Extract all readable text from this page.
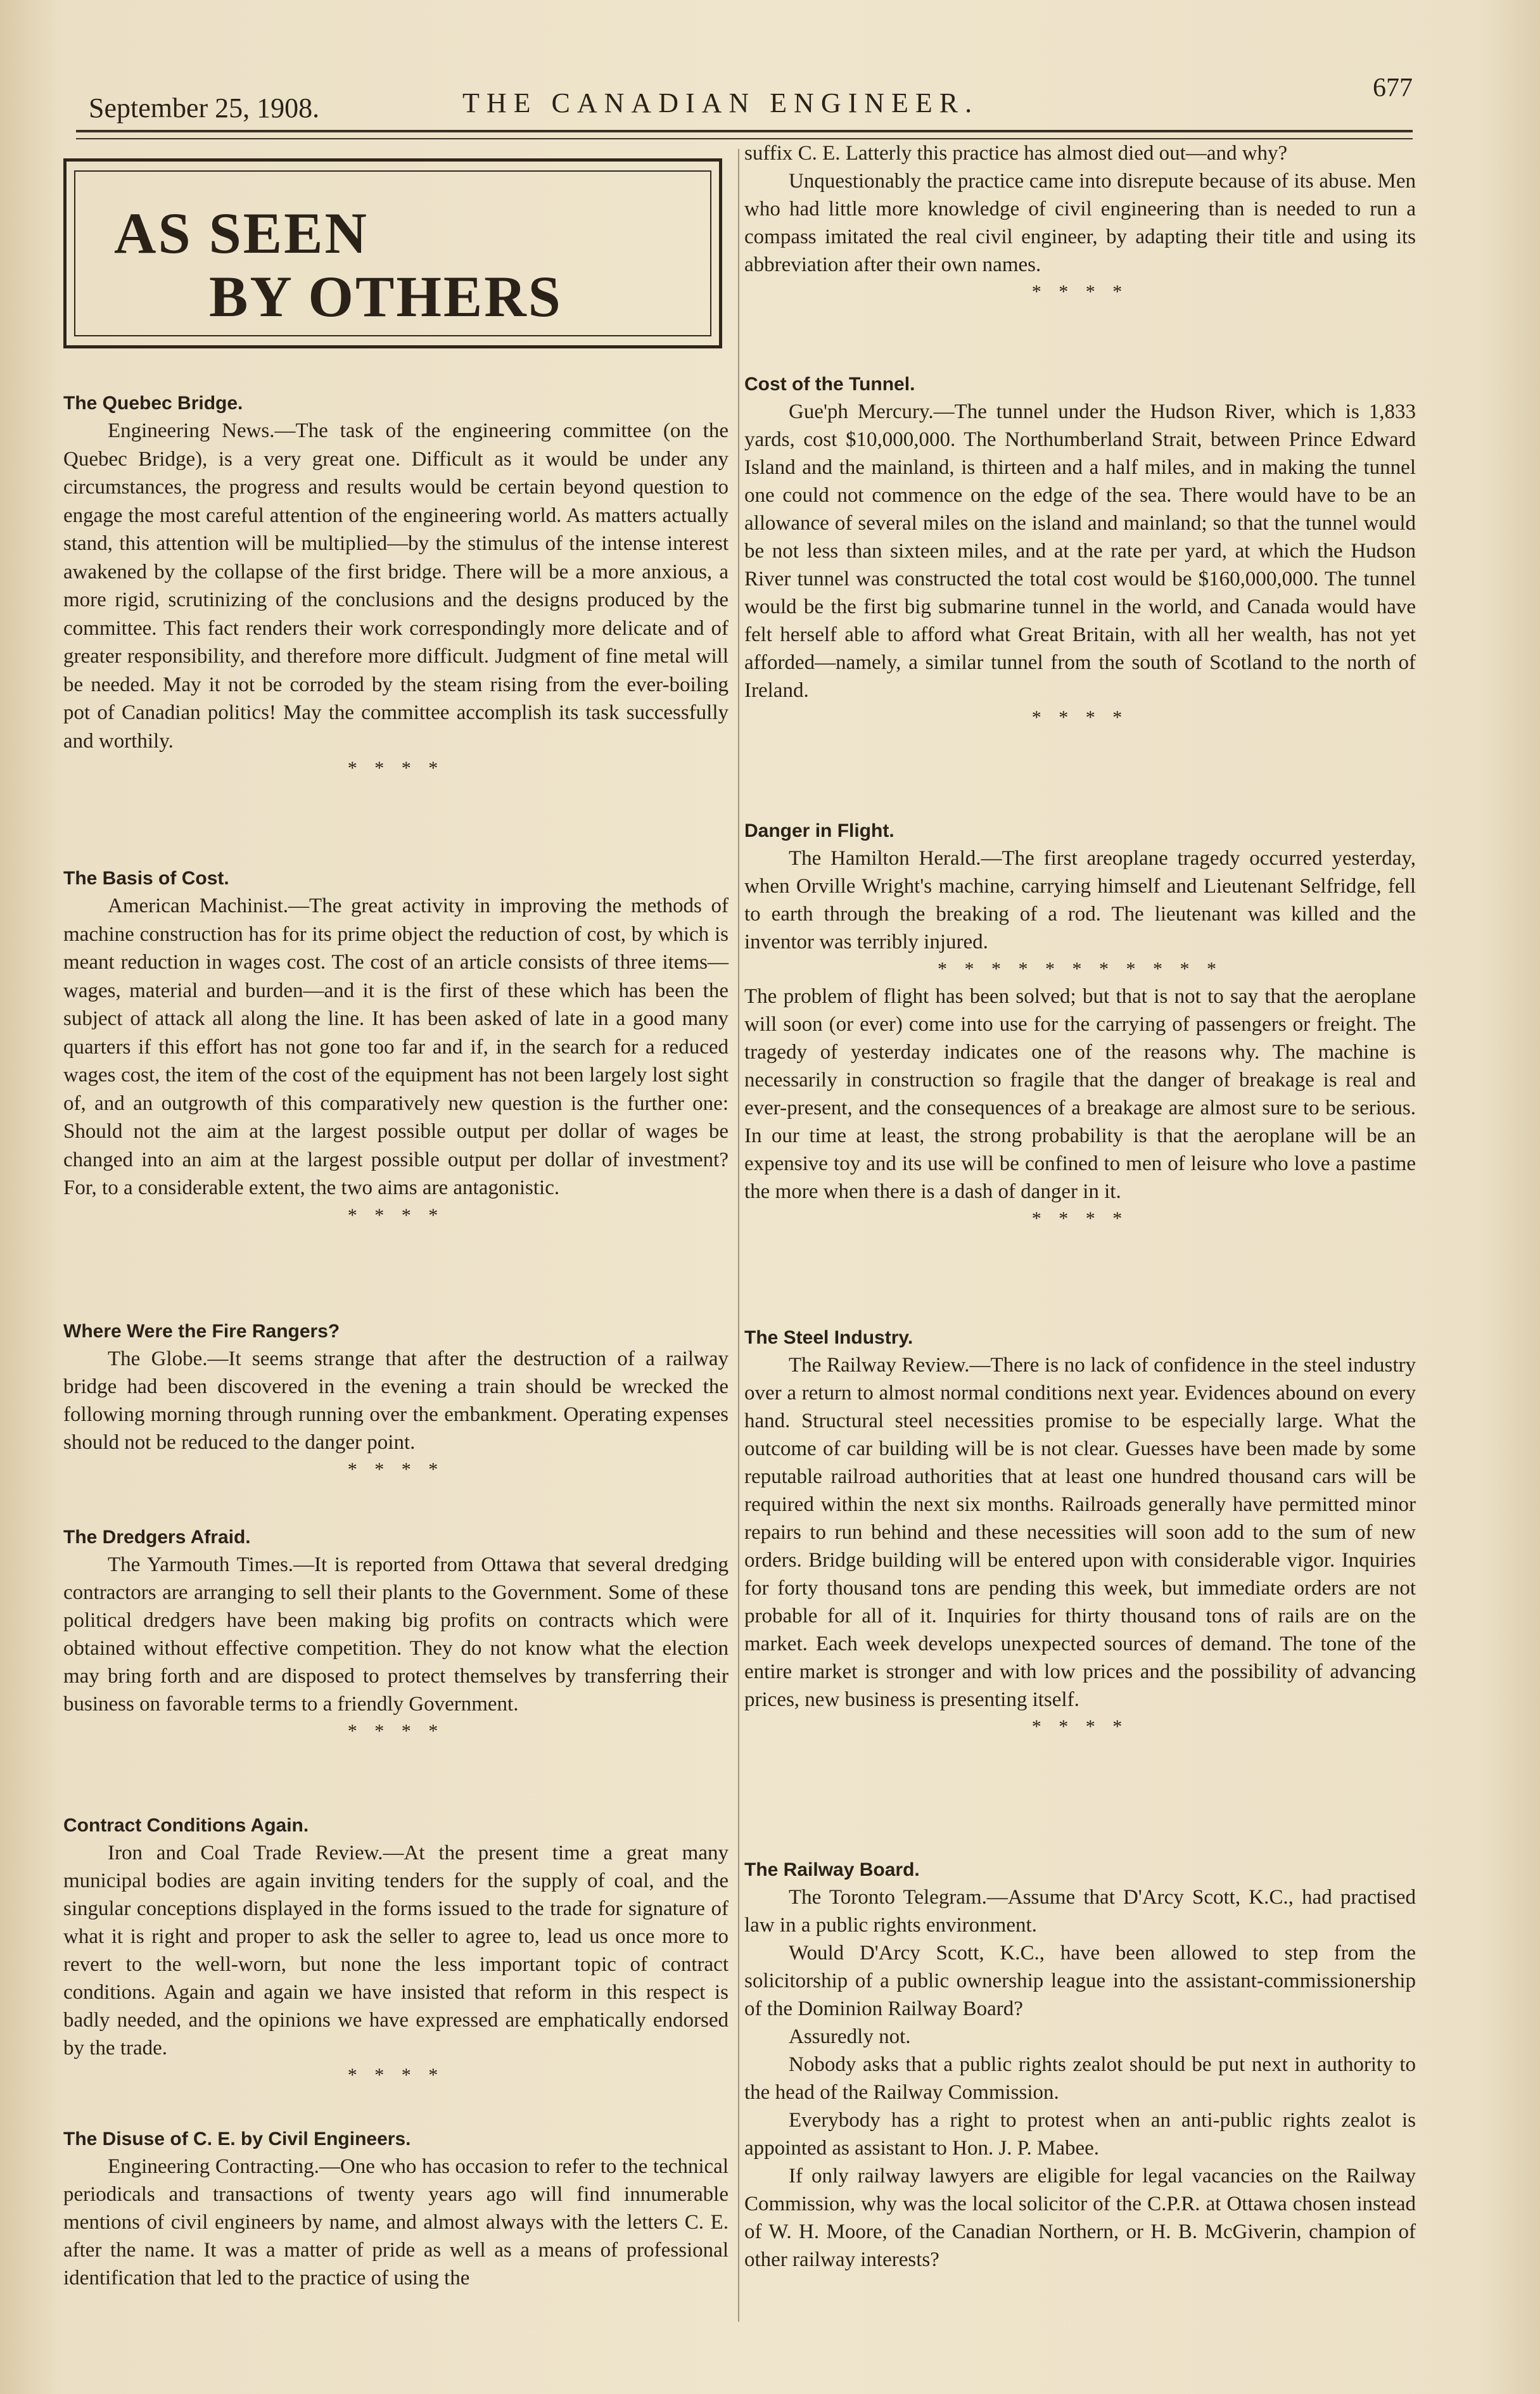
September 25, 1908.	THE CANADIAN ENGINEER.	677
AS SEEN
BY OTHERS
The Quebec Bridge.

Engineering News.—The task of the engineering committee (on the Quebec Bridge), is a very great one. Difficult as it would be under any circumstances, the progress and results would be certain beyond question to engage the most careful attention of the engineering world. As matters actually stand, this attention will be multiplied—by the stimulus of the intense interest awakened by the collapse of the first bridge. There will be a more anxious, a more rigid, scrutinizing of the conclusions and the designs produced by the committee. This fact renders their work correspondingly more delicate and of greater responsibility, and therefore more difficult. Judgment of fine metal will be needed. May it not be corroded by the steam rising from the ever-boiling pot of Canadian politics! May the committee accomplish its task successfully and worthily.

* * * *
The Basis of Cost.

American Machinist.—The great activity in improving the methods of machine construction has for its prime object the reduction of cost, by which is meant reduction in wages cost. The cost of an article consists of three items—wages, material and burden—and it is the first of these which has been the subject of attack all along the line. It has been asked of late in a good many quarters if this effort has not gone too far and if, in the search for a reduced wages cost, the item of the cost of the equipment has not been largely lost sight of, and an outgrowth of this comparatively new question is the further one: Should not the aim at the largest possible output per dollar of wages be changed into an aim at the largest possible output per dollar of investment? For, to a considerable extent, the two aims are antagonistic.

* * * *
Where Were the Fire Rangers?

The Globe.—It seems strange that after the destruction of a railway bridge had been discovered in the evening a train should be wrecked the following morning through running over the embankment. Operating expenses should not be reduced to the danger point.

* * * *
The Dredgers Afraid.

The Yarmouth Times.—It is reported from Ottawa that several dredging contractors are arranging to sell their plants to the Government. Some of these political dredgers have been making big profits on contracts which were obtained without effective competition. They do not know what the election may bring forth and are disposed to protect themselves by transferring their business on favorable terms to a friendly Government.

* * * *
Contract Conditions Again.

Iron and Coal Trade Review.—At the present time a great many municipal bodies are again inviting tenders for the supply of coal, and the singular conceptions displayed in the forms issued to the trade for signature of what it is right and proper to ask the seller to agree to, lead us once more to revert to the well-worn, but none the less important topic of contract conditions. Again and again we have insisted that reform in this respect is badly needed, and the opinions we have expressed are emphatically endorsed by the trade.

* * * *
The Disuse of C. E. by Civil Engineers.

Engineering Contracting.—One who has occasion to refer to the technical periodicals and transactions of twenty years ago will find innumerable mentions of civil engineers by name, and almost always with the letters C. E. after the name. It was a matter of pride as well as a means of professional identification that led to the practice of using the

suffix C. E. Latterly this practice has almost died out—and why?

Unquestionably the practice came into disrepute because of its abuse. Men who had little more knowledge of civil engineering than is needed to run a compass imitated the real civil engineer, by adapting their title and using its abbreviation after their own names.

* * * *
Cost of the Tunnel.

Gue'ph Mercury.—The tunnel under the Hudson River, which is 1,833 yards, cost $10,000,000. The Northumberland Strait, between Prince Edward Island and the mainland, is thirteen and a half miles, and in making the tunnel one could not commence on the edge of the sea. There would have to be an allowance of several miles on the island and mainland; so that the tunnel would be not less than sixteen miles, and at the rate per yard, at which the Hudson River tunnel was constructed the total cost would be $160,000,000. The tunnel would be the first big submarine tunnel in the world, and Canada would have felt herself able to afford what Great Britain, with all her wealth, has not yet afforded—namely, a similar tunnel from the south of Scotland to the north of Ireland.

* * * *
Danger in Flight.

The Hamilton Herald.—The first areoplane tragedy occurred yesterday, when Orville Wright's machine, carrying himself and Lieutenant Selfridge, fell to earth through the breaking of a rod. The lieutenant was killed and the inventor was terribly injured.

* * * * * * * * * * *

The problem of flight has been solved; but that is not to say that the aeroplane will soon (or ever) come into use for the carrying of passengers or freight. The tragedy of yesterday indicates one of the reasons why. The machine is necessarily in construction so fragile that the danger of breakage is real and ever-present, and the consequences of a breakage are almost sure to be serious. In our time at least, the strong probability is that the aeroplane will be an expensive toy and its use will be confined to men of leisure who love a pastime the more when there is a dash of danger in it.

* * * *
The Steel Industry.

The Railway Review.—There is no lack of confidence in the steel industry over a return to almost normal conditions next year. Evidences abound on every hand. Structural steel necessities promise to be especially large. What the outcome of car building will be is not clear. Guesses have been made by some reputable railroad authorities that at least one hundred thousand cars will be required within the next six months. Railroads generally have permitted minor repairs to run behind and these necessities will soon add to the sum of new orders. Bridge building will be entered upon with considerable vigor. Inquiries for forty thousand tons are pending this week, but immediate orders are not probable for all of it. Inquiries for thirty thousand tons of rails are on the market. Each week develops unexpected sources of demand. The tone of the entire market is stronger and with low prices and the possibility of advancing prices, new business is presenting itself.

* * * *
The Railway Board.

The Toronto Telegram.—Assume that D'Arcy Scott, K.C., had practised law in a public rights environment.

Would D'Arcy Scott, K.C., have been allowed to step from the solicitorship of a public ownership league into the assistant-commissionership of the Dominion Railway Board?

Assuredly not.

Nobody asks that a public rights zealot should be put next in authority to the head of the Railway Commission.

Everybody has a right to protest when an anti-public rights zealot is appointed as assistant to Hon. J. P. Mabee.

If only railway lawyers are eligible for legal vacancies on the Railway Commission, why was the local solicitor of the C.P.R. at Ottawa chosen instead of W. H. Moore, of the Canadian Northern, or H. B. McGiverin, champion of other railway interests?
